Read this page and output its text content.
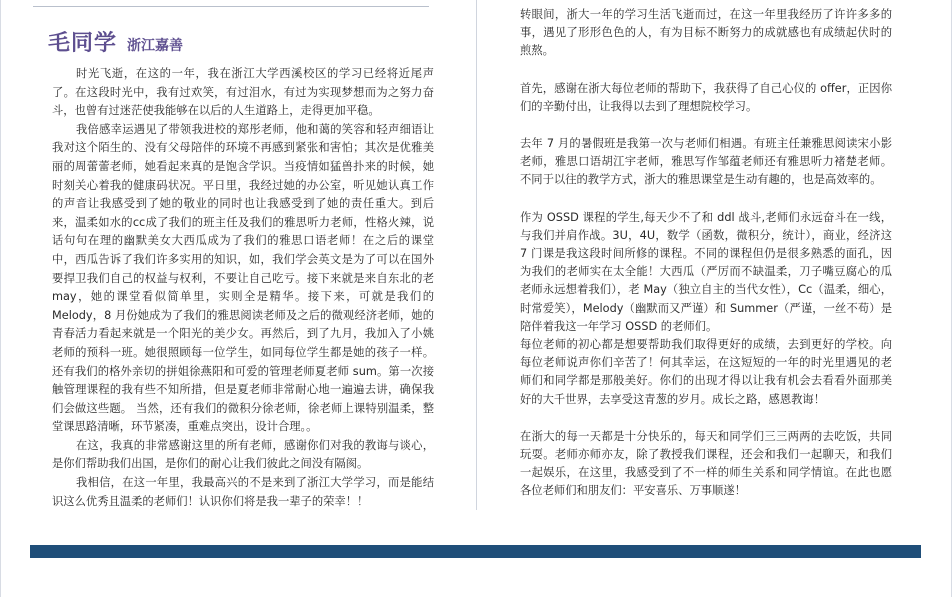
毛同学 浙江嘉善

时光飞逝，在这的一年，我在浙江大学西溪校区的学习已经将近尾声了。在这段时光中，我有过欢笑，有过泪水，有过为实现梦想而为之努力奋斗，也曾有过迷茫使我能够在以后的人生道路上，走得更加平稳。

我倍感幸运遇见了带领我进校的郑彤老师，他和蔼的笑容和轻声细语让我对这个陌生的、没有父母陪伴的环境不再感到紧张和害怕；其次是优雅美丽的周蕾蕾老师，她看起来真的是饱含学识。当疫情如猛兽扑来的时候，她时刻关心着我的健康码状况。平日里，我经过她的办公室，听见她认真工作的声音让我感受到了她的敬业的同时也让我感受到了她的责任重大。到后来，温柔如水的cc成了我们的班主任及我们的雅思听力老师，性格火辣，说话句句在理的幽默美女大西瓜成为了我们的雅思口语老师！在之后的课堂中，西瓜告诉了我们许多实用的知识，如，我们学会英文是为了可以在国外要捍卫我们自己的权益与权利，不要让自己吃亏。接下来就是来自东北的老 may，她的课堂看似简单里，实则全是精华。接下来，可就是我们的 Melody，8 月份她成为了我们的雅思阅读老师及之后的微观经济老师，她的青春活力看起来就是一个阳光的美少女。再然后，到了九月，我加入了小姚老师的预科一班。她很照顾每一位学生，如同每位学生都是她的孩子一样。还有我们的格外亲切的拼姐徐燕阳和可爱的管理老师夏老师 sum。第一次接触管理课程的我有些不知所措，但是夏老师非常耐心地一遍遍去讲，确保我们会做这些题。 当然，还有我们的微积分徐老师，徐老师上课特别温柔，整堂课思路清晰，环节紧凑，重难点突出，设计合理。。

在这，我真的非常感谢这里的所有老师，感谢你们对我的教诲与谈心，是你们帮助我们出国，是你们的耐心让我们彼此之间没有隔阂。

我相信，在这一年里，我最高兴的不是来到了浙江大学学习，而是能结识这么优秀且温柔的老师们！认识你们将是我一辈子的荣幸！！

转眼间，浙大一年的学习生活飞逝而过，在这一年里我经历了许许多多的事，遇见了形形色色的人，有为目标不断努力的成就感也有成绩起伏时的煎熬。

首先，感谢在浙大每位老师的帮助下，我获得了自己心仪的 offer，正因你们的辛勤付出，让我得以去到了理想院校学习。

去年 7 月的暑假班是我第一次与老师们相遇。有班主任兼雅思阅读宋小影老师，雅思口语胡江宇老师，雅思写作邹蕴老师还有雅思听力褚楚老师。不同于以往的教学方式，浙大的雅思课堂是生动有趣的，也是高效率的。

作为 OSSD 课程的学生,每天少不了和 ddl 战斗,老师们永远奋斗在一线，与我们并肩作战。3U，4U，数学（函数，微积分，统计），商业，经济这 7 门课是我这段时间所修的课程。不同的课程但仍是很多熟悉的面孔，因为我们的老师实在太全能！大西瓜（严厉而不缺温柔，刀子嘴豆腐心的瓜老师永远想着我们），老 May（独立自主的当代女性），Cc（温柔，细心，时常爱笑），Melody（幽默而又严谨）和 Summer（严谨，一丝不苟）是陪伴着我这一年学习 OSSD 的老师们。

每位老师的初心都是想要帮助我们取得更好的成绩，去到更好的学校。向每位老师说声你们辛苦了！何其幸运，在这短短的一年的时光里遇见的老师们和同学都是那般美好。你们的出现才得以让我有机会去看看外面那美好的大千世界，去享受这青葱的岁月。成长之路，感恩教诲！

在浙大的每一天都是十分快乐的，每天和同学们三三两两的去吃饭，共同玩耍。老师亦师亦友，除了教授我们课程，还会和我们一起聊天，和我们一起娱乐，在这里，我感受到了不一样的师生关系和同学情谊。在此也愿各位老师们和朋友们：平安喜乐、万事顺遂！
